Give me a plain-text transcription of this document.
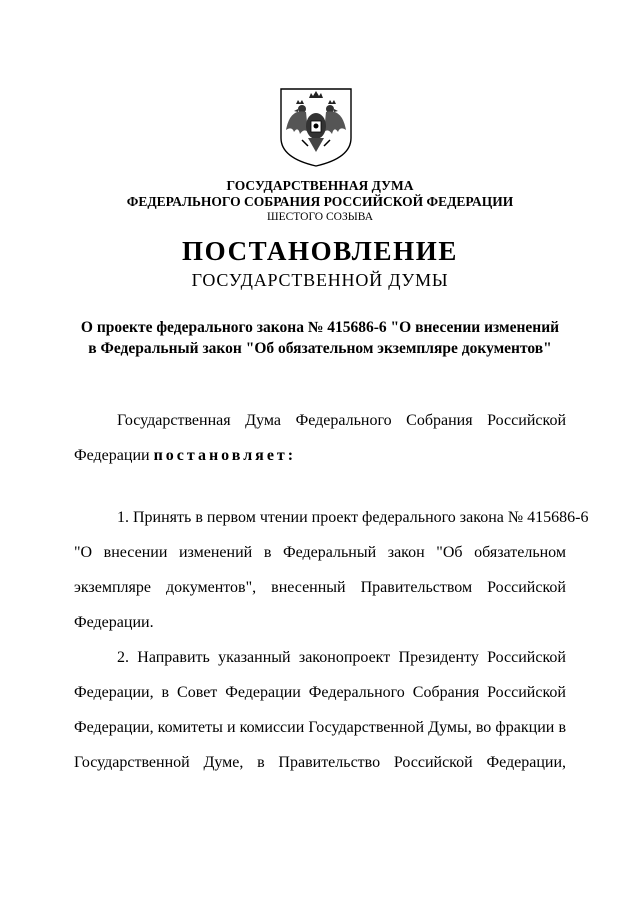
ГОСУДАРСТВЕННАЯ ДУМА
ФЕДЕРАЛЬНОГО СОБРАНИЯ РОССИЙСКОЙ ФЕДЕРАЦИИ
ШЕСТОГО СОЗЫВА
ПОСТАНОВЛЕНИЕ
ГОСУДАРСТВЕННОЙ ДУМЫ
О проекте федерального закона № 415686-6 "О внесении изменений
в Федеральный закон "Об обязательном экземпляре документов"
Государственная Дума Федерального Собрания Российской
Федерации постановляет:
1. Принять в первом чтении проект федерального закона № 415686-6
"О внесении изменений в Федеральный закон "Об обязательном
экземпляре документов", внесенный Правительством Российской
Федерации.
2. Направить указанный законопроект Президенту Российской
Федерации, в Совет Федерации Федерального Собрания Российской
Федерации, комитеты и комиссии Государственной Думы, во фракции в
Государственной Думе, в Правительство Российской Федерации,
